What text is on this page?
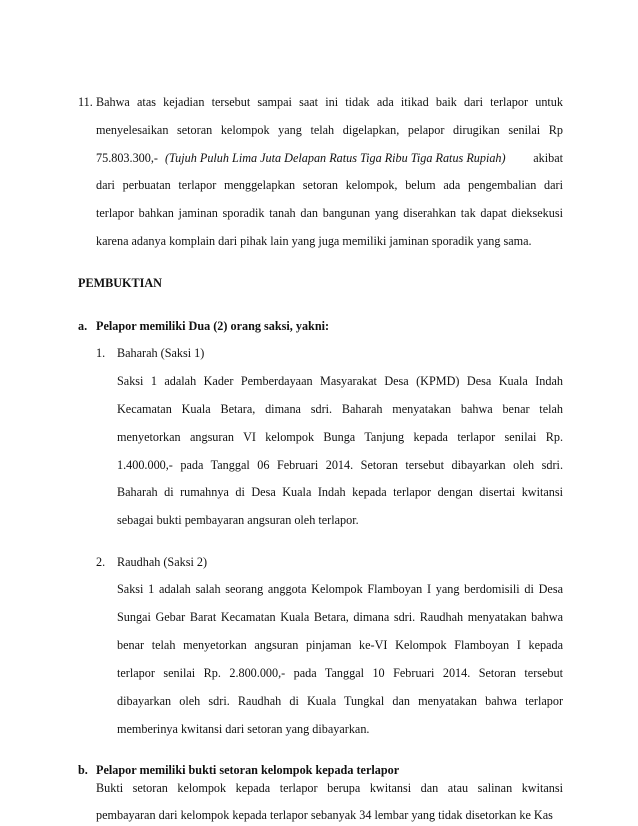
11. Bahwa atas kejadian tersebut sampai saat ini tidak ada itikad baik dari terlapor untuk
menyelesaikan setoran kelompok yang telah digelapkan, pelapor dirugikan senilai Rp
75.803.300,- (Tujuh Puluh Lima Juta Delapan Ratus Tiga Ribu Tiga Ratus Rupiah) akibat
dari perbuatan terlapor menggelapkan setoran kelompok, belum ada pengembalian dari
terlapor bahkan jaminan sporadik tanah dan bangunan yang diserahkan tak dapat dieksekusi
karena adanya komplain dari pihak lain yang juga memiliki jaminan sporadik yang sama.
PEMBUKTIAN
a. Pelapor memiliki Dua (2) orang saksi, yakni:
1. Baharah (Saksi 1)
Saksi 1 adalah Kader Pemberdayaan Masyarakat Desa (KPMD) Desa Kuala Indah
Kecamatan Kuala Betara, dimana sdri. Baharah menyatakan bahwa benar telah
menyetorkan angsuran VI kelompok Bunga Tanjung kepada terlapor senilai Rp.
1.400.000,- pada Tanggal 06 Februari 2014. Setoran tersebut dibayarkan oleh sdri.
Baharah di rumahnya di Desa Kuala Indah kepada terlapor dengan disertai kwitansi
sebagai bukti pembayaran angsuran oleh terlapor.
2. Raudhah (Saksi 2)
Saksi 1 adalah salah seorang anggota Kelompok Flamboyan I yang berdomisili di Desa
Sungai Gebar Barat Kecamatan Kuala Betara, dimana sdri. Raudhah menyatakan bahwa
benar telah menyetorkan angsuran pinjaman ke-VI Kelompok Flamboyan I kepada
terlapor senilai Rp. 2.800.000,- pada Tanggal 10 Februari 2014. Setoran tersebut
dibayarkan oleh sdri. Raudhah di Kuala Tungkal dan menyatakan bahwa terlapor
memberinya kwitansi dari setoran yang dibayarkan.
b. Pelapor memiliki bukti setoran kelompok kepada terlapor
Bukti setoran kelompok kepada terlapor berupa kwitansi dan atau salinan kwitansi
pembayaran dari kelompok kepada terlapor sebanyak 34 lembar yang tidak disetorkan ke Kas
